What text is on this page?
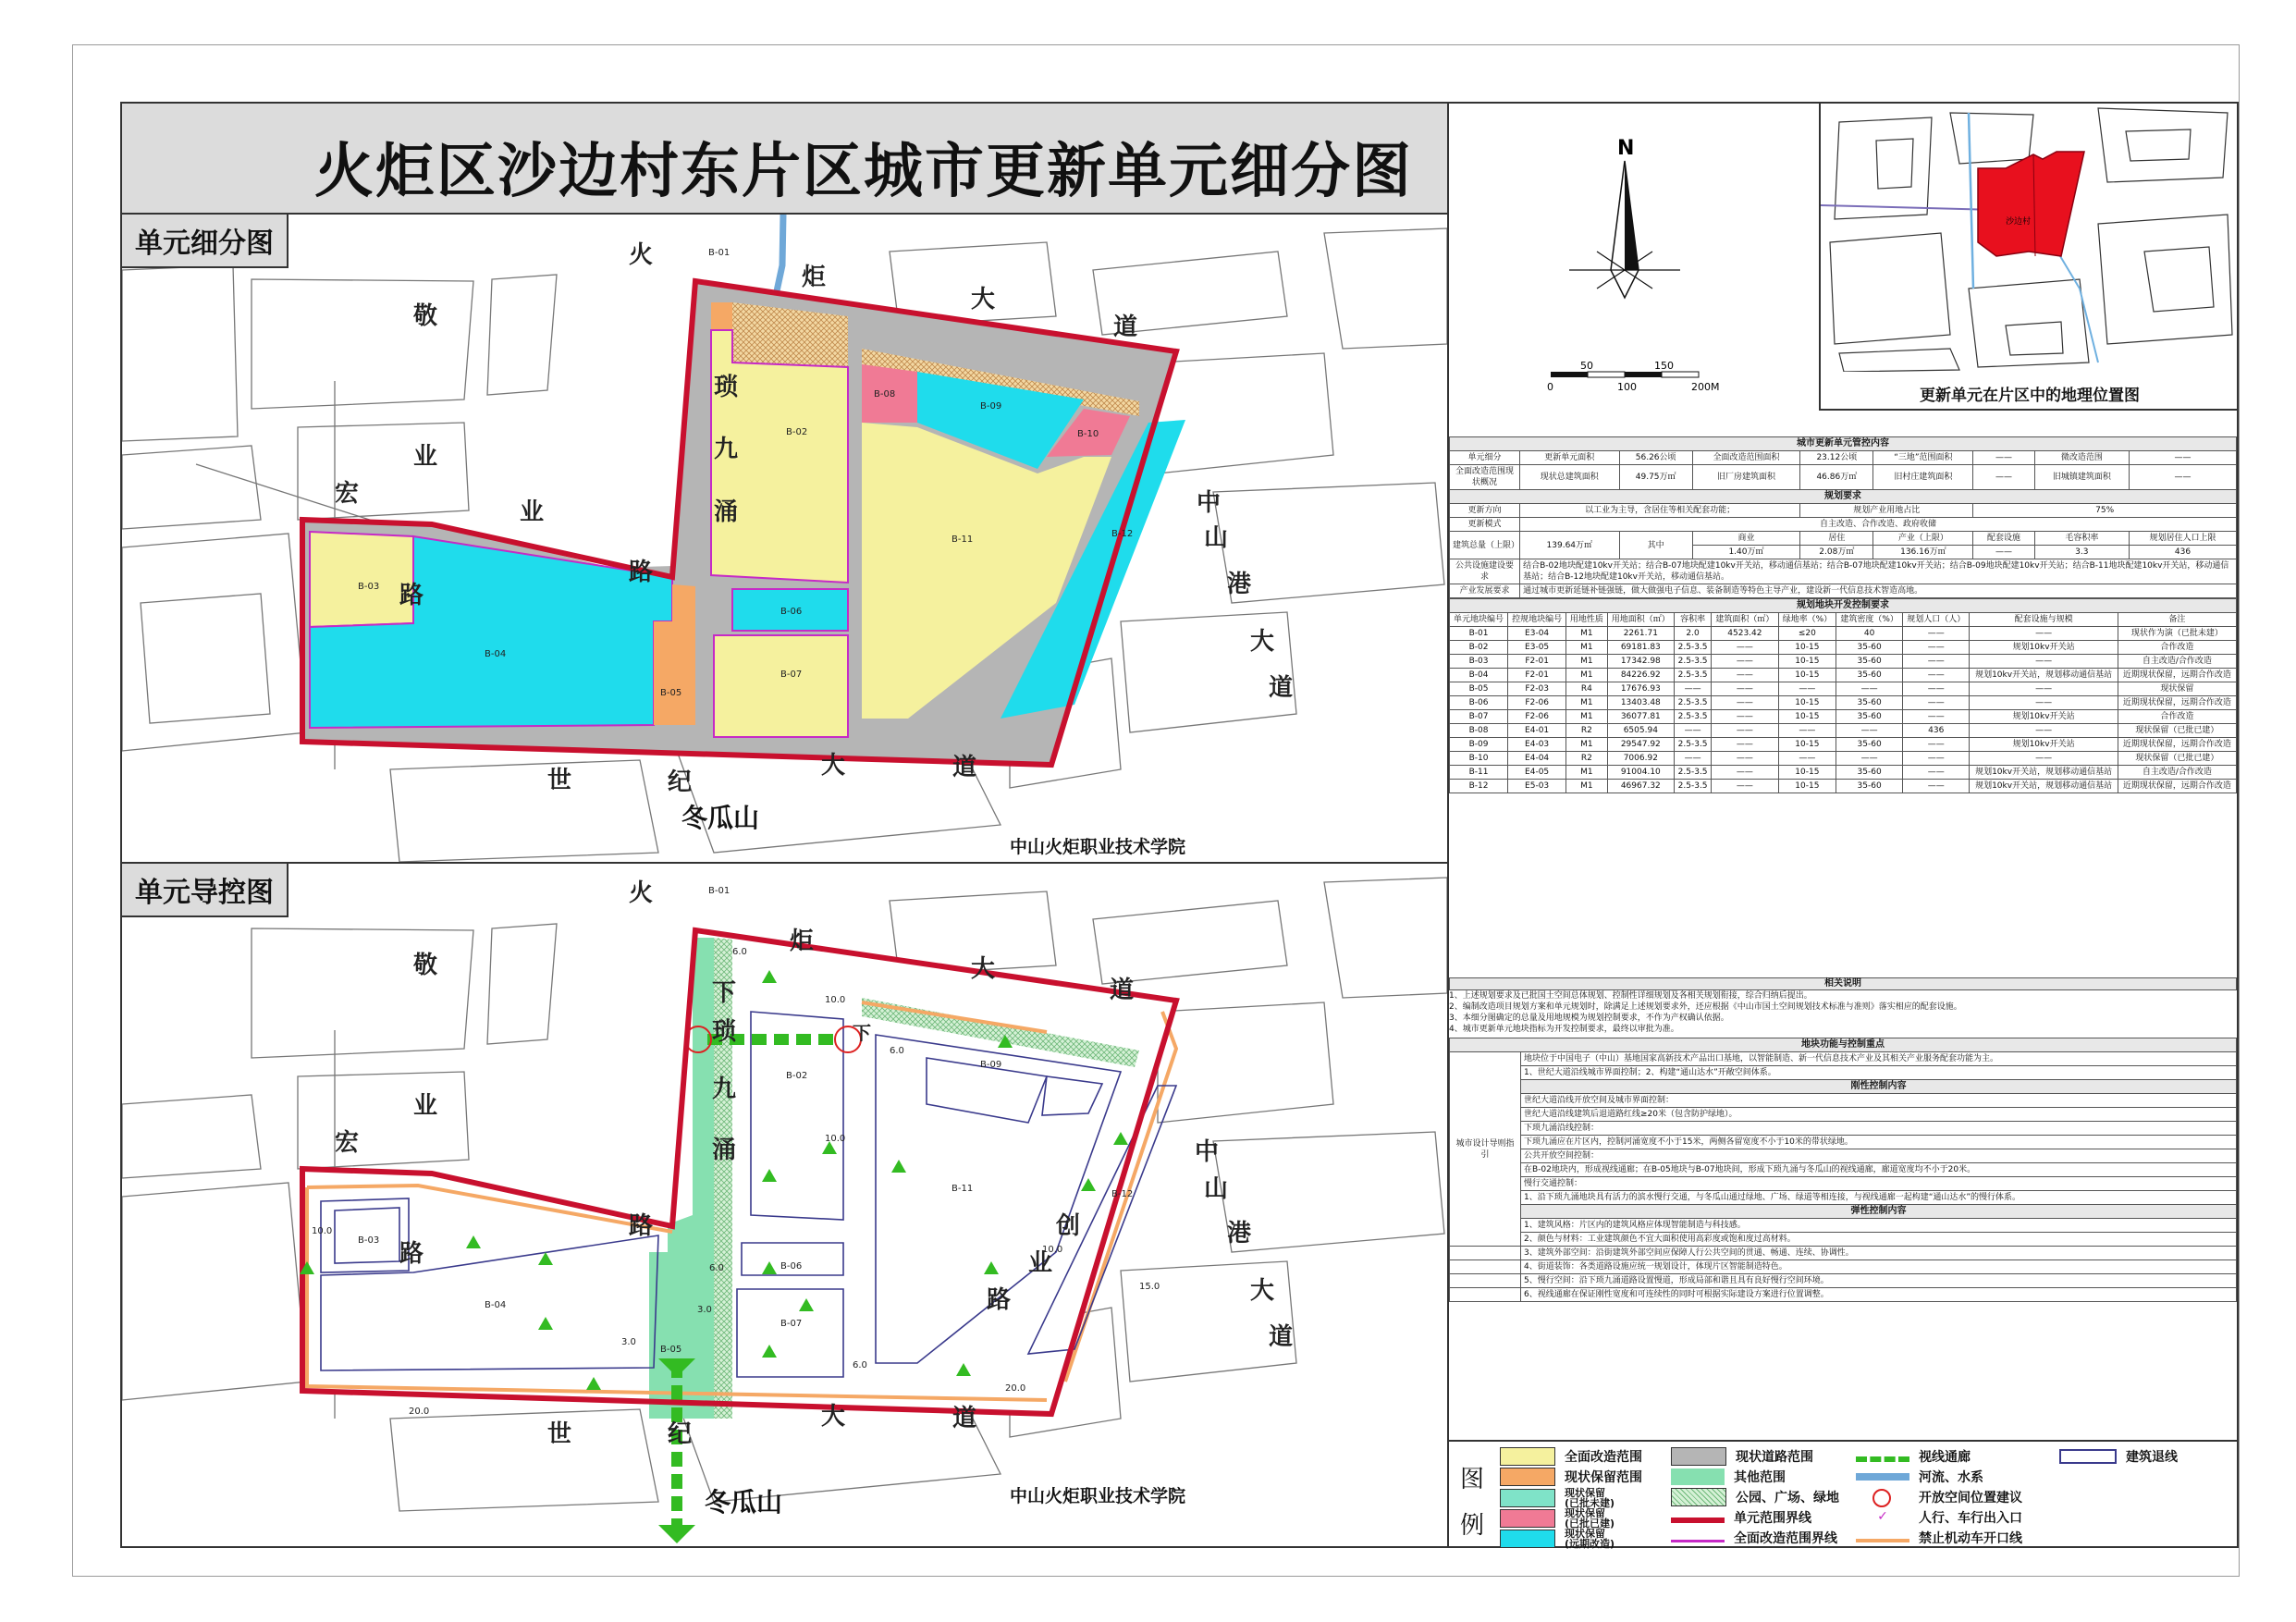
火炬区沙边村东片区城市更新单元细分图
单元细分图	火
炬
大
道
敬
业
业
路
宏
路
琐
九
涌	中
山
港
大
道
世	纪
大	道
冬瓜山
中山火炬职业技术学院
B-01
B-02
B-03
B-04
B-05
B-06
B-07
B-08
B-09
B-10
B-11
B-12
单元导控图
6.0
10.0
10.0
3.0
6.0
3.0
20.0
6.0
20.0
15.0
10.0
6.0
10.0
火
炬
大
道
敬
业
宏
路
路
下
琐
九
涌
下
创
业
路
中
山
港
大
道
世	纪
大	道
冬瓜山	中山火炬职业技术学院
B-01
B-02
B-03
B-04
B-05
B-06
B-07
B-09
B-11
B-12
N
0
50
100
150
200M
沙边村
更新单元在片区中的地理位置图
城市更新单元管控内容								
单元细分	更新单元面积	56.26公顷	全面改造范围面积	23.12公顷	“三地”范围面积	——	微改造范围	——
全面改造范围现状概况	现状总建筑面积	49.75万㎡	旧厂房建筑面积	46.86万㎡	旧村庄建筑面积	——	旧城镇建筑面积	——
规划要求								
更新方向	以工业为主导，含居住等相关配套功能；			规划产业用地占比		75%		
更新模式	自主改造、合作改造、政府收储							
建筑总量（上限）	139.64万㎡	其中	商业	居住	产业（上限）	配套设施	毛容积率	规划居住人口上限
			1.40万㎡	2.08万㎡	136.16万㎡	——	3.3	436
公共设施建设要求	结合B-02地块配建10kv开关站；结合B-07地块配建10kv开关站，移动通信基站；结合B-07地块配建10kv开关站；结合B-09地块配建10kv开关站；结合B-11地块配建10kv开关站，移动通信基站；结合B-12地块配建10kv开关站，移动通信基站。							
产业发展要求	通过城市更新延链补链强链，做大做强电子信息、装备制造等特色主导产业，建设新一代信息技术智造高地。							
规划地块开发控制要求										
单元地块编号	控规地块编号	用地性质	用地面积（㎡）	容积率	建筑面积（㎡）	绿地率（%）	建筑密度（%）	规划人口（人）	配套设施与规模	备注
B-01	E3-04	M1	2261.71	2.0	4523.42	≤20	40	——	——	现状作为演（已批未建）
B-02	E3-05	M1	69181.83	2.5-3.5	——	10-15	35-60	——	规划10kv开关站	合作改造
B-03	F2-01	M1	17342.98	2.5-3.5	——	10-15	35-60	——	——	自主改造/合作改造
B-04	F2-01	M1	84226.92	2.5-3.5	——	10-15	35-60	——	规划10kv开关站，规划移动通信基站	近期现状保留，远期合作改造
B-05	F2-03	R4	17676.93	——	——	——	——	——	——	现状保留
B-06	F2-06	M1	13403.48	2.5-3.5	——	10-15	35-60	——	——	近期现状保留，远期合作改造
B-07	F2-06	M1	36077.81	2.5-3.5	——	10-15	35-60	——	规划10kv开关站	合作改造
B-08	E4-01	R2	6505.94	——	——	——	——	436	——	现状保留（已批已建）
B-09	E4-03	M1	29547.92	2.5-3.5	——	10-15	35-60	——	规划10kv开关站	近期现状保留，远期合作改造
B-10	E4-04	R2	7006.92	——	——	——	——	——	——	现状保留（已批已建）
B-11	E4-05	M1	91004.10	2.5-3.5	——	10-15	35-60	——	规划10kv开关站，规划移动通信基站	自主改造/合作改造
B-12	E5-03	M1	46967.32	2.5-3.5	——	10-15	35-60	——	规划10kv开关站，规划移动通信基站	近期现状保留，远期合作改造
相关说明
1、上述规划要求及已批国土空间总体规划、控制性详细规划及各相关规划衔接，综合归纳后提出。
2、编制改造项目规划方案和单元规划时，除满足上述规划要求外，还应根据《中山市国土空间规划技术标准与准则》落实相应的配套设施。
3、本细分图确定的总量及用地规模为规划控制要求，不作为产权确认依据。
4、城市更新单元地块指标为开发控制要求，最终以审批为准。
地块功能与控制重点	
城市设计导则指引	地块位于中国电子（中山）基地国家高新技术产品出口基地，以智能制造、新一代信息技术产业及其相关产业服务配套功能为主。
	1、世纪大道沿线城市界面控制；2、构建“通山达水”开敞空间体系。
	刚性控制内容
	世纪大道沿线开放空间及城市界面控制：
	世纪大道沿线建筑后退道路红线≥20米（包含防护绿地）。
	下琐九涌沿线控制：
	下琐九涌应在片区内，控制河涌宽度不小于15米，两侧各留宽度不小于10米的带状绿地。
	公共开放空间控制：
	在B-02地块内，形成视线通廊；在B-05地块与B-07地块间，形成下琐九涌与冬瓜山的视线通廊，廊道宽度均不小于20米。
	慢行交通控制：
	1、沿下琐九涌地块具有活力的滨水慢行交通，与冬瓜山通过绿地、广场、绿道等相连接，与视线通廊一起构建“通山达水”的慢行体系。
	弹性控制内容
	1、建筑风格：片区内的建筑风格应体现智能制造与科技感。
	2、颜色与材料：工业建筑颜色不宜大面积使用高彩度或饱和度过高材料。
	3、建筑外部空间：沿街建筑外部空间应保障人行公共空间的贯通、畅通、连续、协调性。
	4、街道装饰：各类道路设施应统一规划设计，体现片区智能制造特色。
	5、慢行空间：沿下琐九涌道路设置慢道，形成局部和谐且具有良好慢行空间环境。
	6、视线通廊在保证刚性宽度和可连续性的同时可根据实际建设方案进行位置调整。
图
例
全面改造范围
现状保留范围
现状保留
(已批未建)
现状保留
(已批已建)
现状保留
(远期改造)
现状道路范围
其他范围
公园、广场、绿地
单元范围界线
全面改造范围界线
视线通廊
河流、水系
开放空间位置建议
✓	人行、车行出入口
禁止机动车开口线
建筑退线
